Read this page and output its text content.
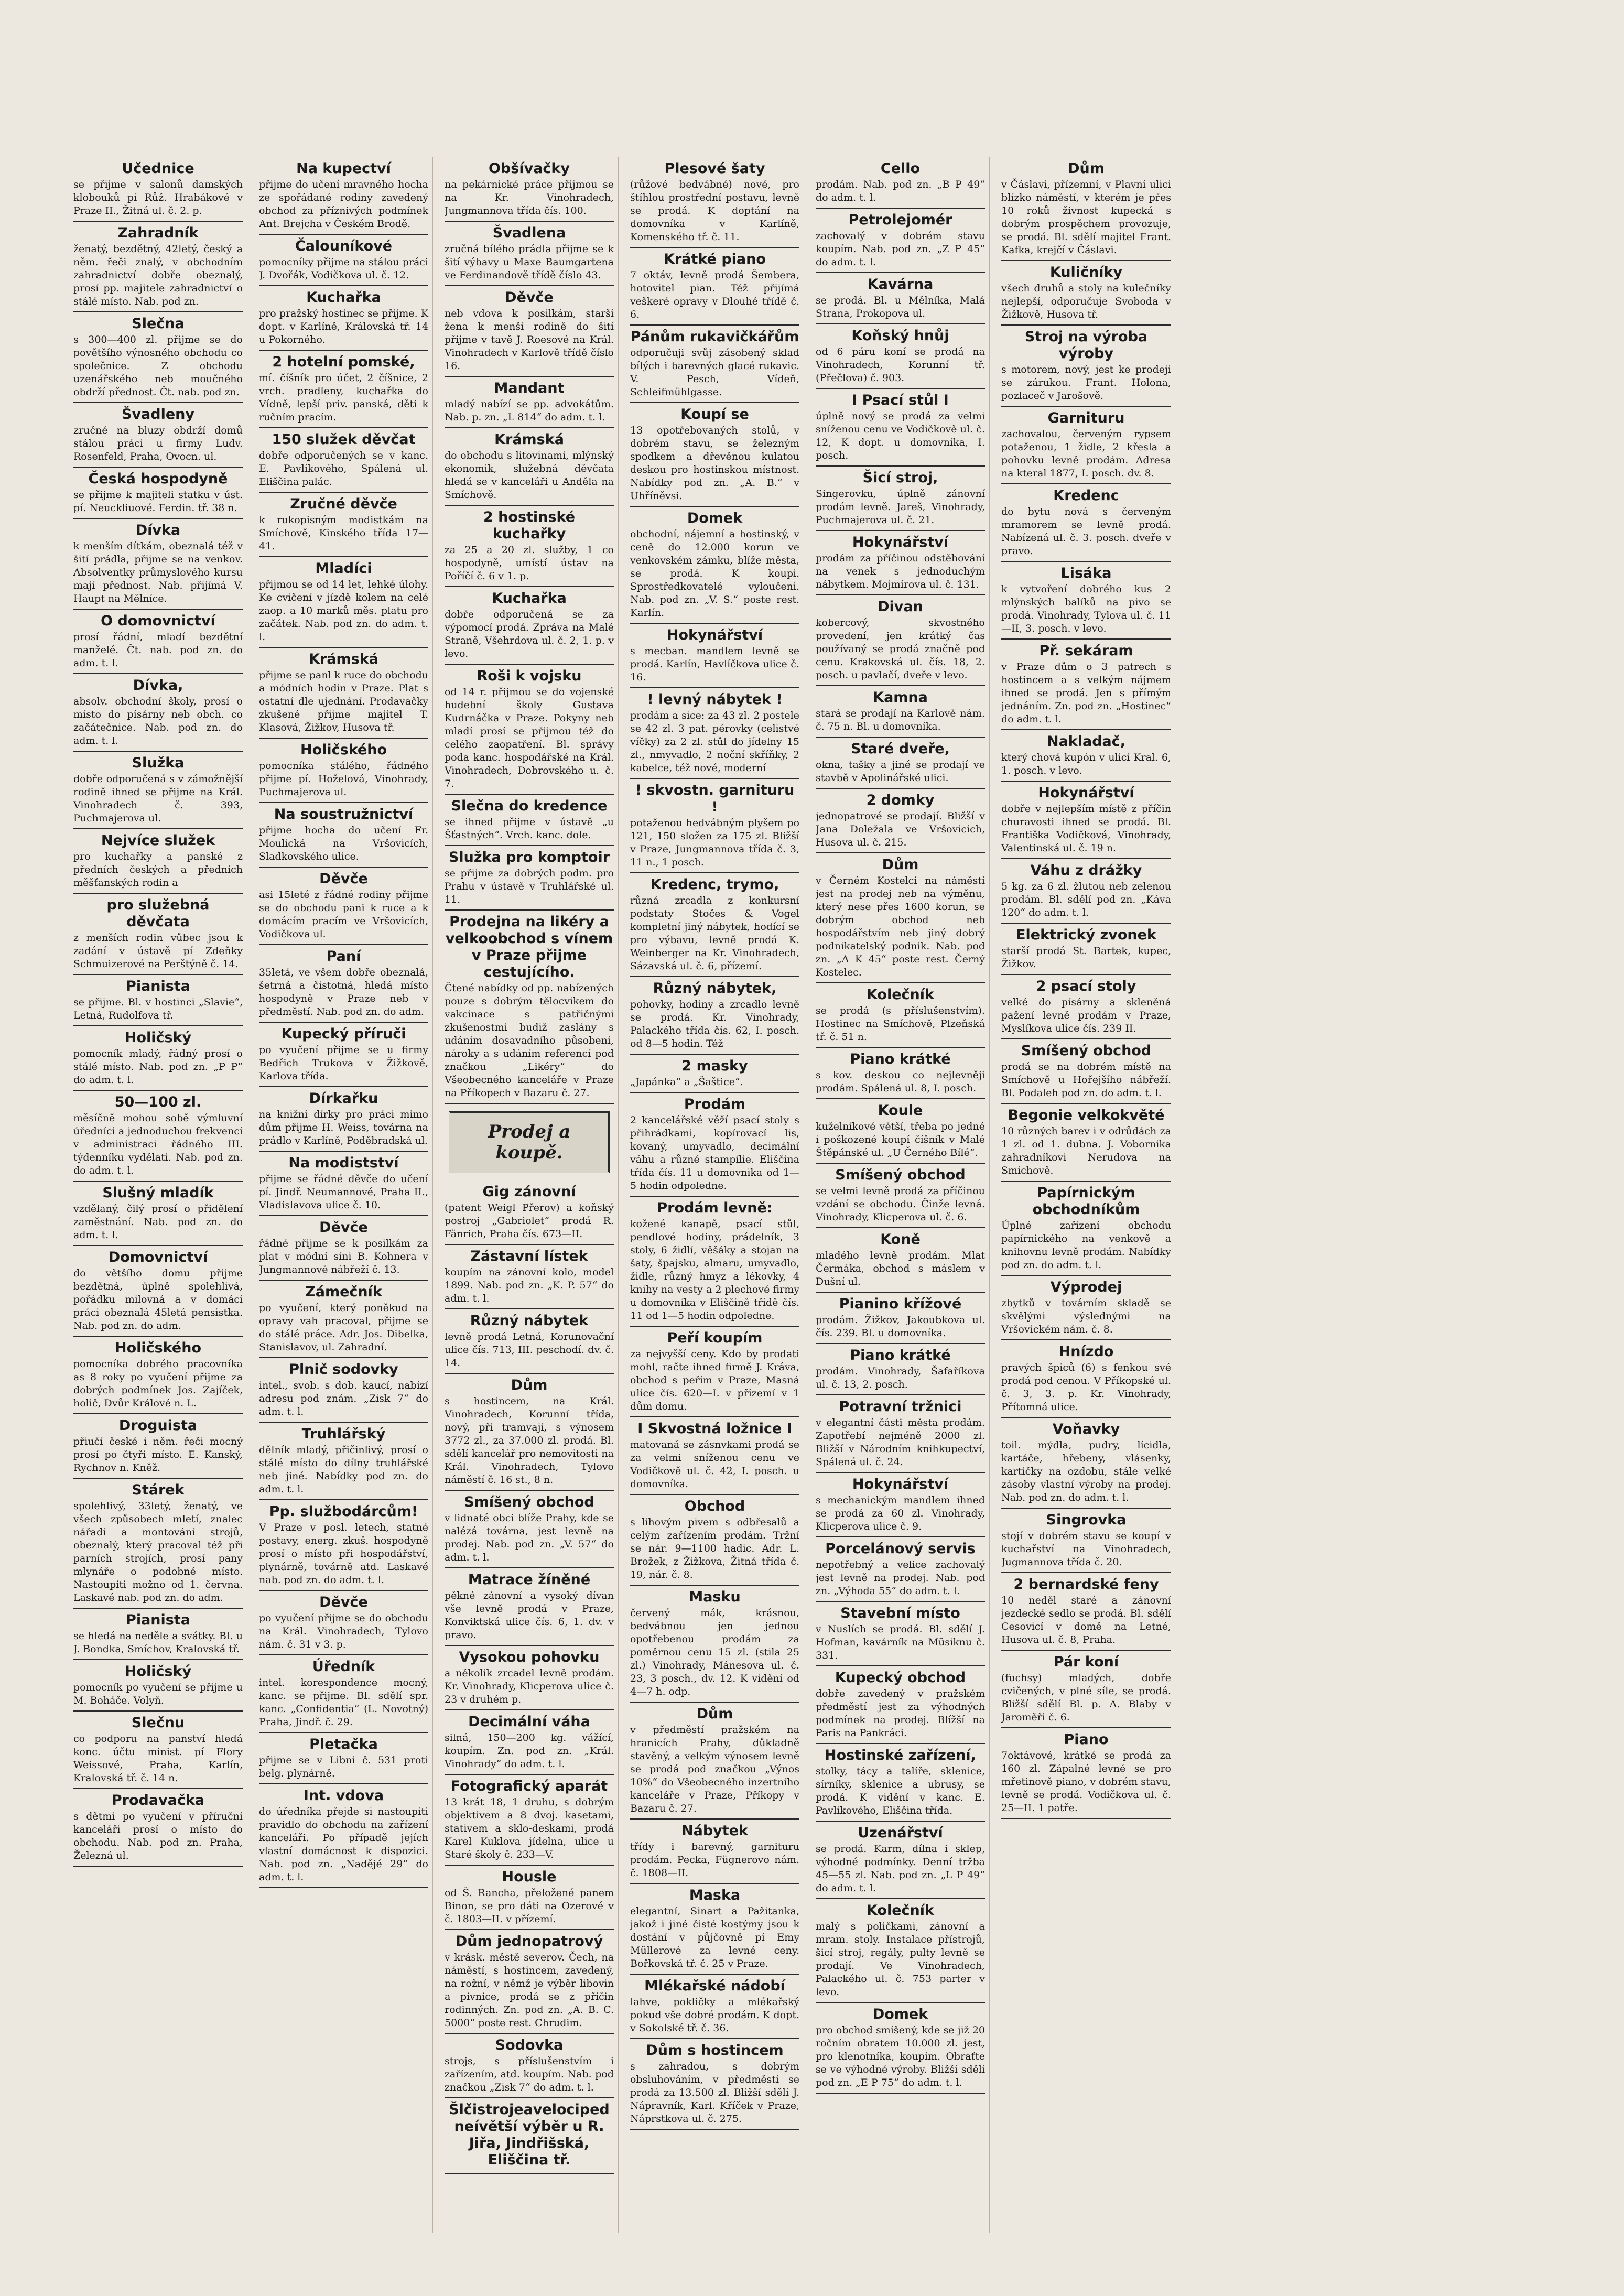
Učednice
se přijme v salonů damských klobouků pí Růž. Hrabákové v Praze II., Žitná ul. č. 2. p.
Zahradník
ženatý, bezdětný, 42letý, český a něm. řeči znalý, v obchodním zahradnictví dobře obeznalý, prosí pp. majitele zahradnictví o stálé místo. Nab. pod zn.
Slečna
s 300—400 zl. přijme se do povětšího výnosného obchodu co společnice. Z obchodu uzenářského neb moučného obdrží přednost. Čt. nab. pod zn.
Švadleny
zručné na bluzy obdrží domů stálou práci u firmy Ludv. Rosenfeld, Praha, Ovocn. ul.
Česká hospodyně
se přijme k majiteli statku v úst. pí. Neuckliuové. Ferdin. tř. 38 n.
Dívka
k menším dítkám, obeznalá též v šití prádla, přijme se na venkov. Absolventky průmyslového kursu mají přednost. Nab. přijímá V. Haupt na Mělníce.
O domovnictví
prosí řádní, mladí bezdětní manželé. Čt. nab. pod zn. do adm. t. l.
Dívka,
absolv. obchodní školy, prosí o místo do písárny neb obch. co začátečnice. Nab. pod zn. do adm. t. l.
Služka
dobře odporučená s v zámožnější rodině ihned se přijme na Král. Vinohradech č. 393, Puchmajerova ul.
Nejvíce služek
pro kuchařky a panské z předních českých a předních měšťanských rodin a
pro služebná děvčata
z menších rodin vůbec jsou k zadání v ústavě pí Zdeňky Schmuizerové na Perštýně č. 14.
Pianista
se přijme. Bl. v hostinci „Slavie“, Letná, Rudolfova tř.
Holičský
pomocník mladý, řádný prosí o stálé místo. Nab. pod zn. „P P“ do adm. t. l.
50—100 zl.
měsíčně mohou sobě výmluvní úředníci a jednoduchou frekvencí v administraci řádného III. týdenníku vydělati. Nab. pod zn. do adm. t. l.
Slušný mladík
vzdělaný, čilý prosí o přidělení zaměstnání. Nab. pod zn. do adm. t. l.
Domovnictví
do většího domu přijme bezdětná, úplně spolehlivá, pořádku milovná a v domácí práci obeznalá 45letá pensistka. Nab. pod zn. do adm.
Holičského
pomocníka dobrého pracovníka as 8 roky po vyučení přijme za dobrých podmínek Jos. Zajíček, holič, Dvůr Králové n. L.
Droguista
přiučí české i něm. řeči mocný prosí po čtyři místo. E. Kanský, Rychnov n. Kněž.
Stárek
spolehlivý, 33letý, ženatý, ve všech způsobech mletí, znalec nářadí a montování strojů, obeznalý, který pracoval též při parních strojích, prosí pany mlynáře o podobné místo. Nastoupiti možno od 1. června. Laskavé nab. pod zn. do adm.
Pianista
se hledá na neděle a svátky. Bl. u J. Bondka, Smíchov, Kralovská tř.
Holičský
pomocník po vyučení se přijme u M. Boháče. Volyň.
Slečnu
co podporu na panství hledá konc. účtu minist. pí Flory Weissové, Praha, Karlín, Kralovská tř. č. 14 n.
Prodavačka
s dětmi po vyučení v příruční kanceláři prosí o místo do obchodu. Nab. pod zn. Praha, Železná ul.
Na kupectví
přijme do učení mravného hocha ze spořádané rodiny zavedený obchod za příznivých podmínek Ant. Brejcha v Českém Brodě.
Čalouníkové
pomocníky přijme na stálou práci J. Dvořák, Vodičkova ul. č. 12.
Kuchařka
pro pražský hostinec se přijme. K dopt. v Karlíně, Královská tř. 14 u Pokorného.
2 hotelní pomské,
mí. číšník pro účet, 2 číšnice, 2 vrch. pradleny, kuchařka do Vídně, lepší priv. panská, děti k ručním pracím.
150 služek děvčat
dobře odporučených se v kanc. E. Pavlíkového, Spálená ul. Eliščina palác.
Zručné děvče
k rukopisným modistkám na Smíchově, Kinského třída 17—41.
Mladíci
přijmou se od 14 let, lehké úlohy. Ke cvičení v jízdě kolem na celé zaop. a 10 marků měs. platu pro začátek. Nab. pod zn. do adm. t. l.
Krámská
přijme se panl k ruce do obchodu a módních hodin v Praze. Plat s ostatní dle ujednání. Prodavačky zkušené přijme majitel T. Klasová, Žižkov, Husova tř.
Holičského
pomocníka stálého, řádného přijme pí. Hoželová, Vinohrady, Puchmajerova ul.
Na soustružnictví
přijme hocha do učení Fr. Moulická na Vršovicích, Sladkovského ulice.
Děvče
asi 15leté z řádné rodiny přijme se do obchodu pani k ruce a k domácím pracím ve Vršovicích, Vodičkova ul.
Paní
35letá, ve všem dobře obeznalá, šetrná a čistotná, hledá místo hospodyně v Praze neb v předměstí. Nab. pod zn. do adm.
Kupecký příruči
po vyučení přijme se u firmy Bedřich Trukova v Žižkově, Karlova třída.
Dírkařku
na knižní dírky pro práci mimo dům přijme H. Weiss, továrna na prádlo v Karlíně, Poděbradská ul.
Na modistství
přijme se řádné děvče do učení pí. Jindř. Neumannové, Praha II., Vladislavova ulice č. 10.
Děvče
řádné přijme se k posilkám za plat v módní síni B. Kohnera v Jungmannově nábřeží č. 13.
Zámečník
po vyučení, který poněkud na opravy vah pracoval, přijme se do stálé práce. Adr. Jos. Dibelka, Stanislavov, ul. Zahradní.
Plnič sodovky
intel., svob. s dob. kaucí, nabízí adresu pod znám. „Zisk 7“ do adm. t. l.
Truhlářský
dělník mladý, přičinlivý, prosí o stálé místo do dílny truhlářské neb jiné. Nabídky pod zn. do adm. t. l.
Pp. službodárcům!
V Praze v posl. letech, statné postavy, energ. zkuš. hospodyně prosí o místo při hospodářství, plynárně, továrně atd. Laskavé nab. pod zn. do adm. t. l.
Děvče
po vyučení přijme se do obchodu na Král. Vinohradech, Tylovo nám. č. 31 v 3. p.
Úředník
intel. korespondence mocný, kanc. se přijme. Bl. sdělí spr. kanc. „Confidentia“ (L. Novotný) Praha, Jindř. č. 29.
Pletačka
přijme se v Libni č. 531 proti belg. plynárně.
Int. vdova
do úředníka přejde si nastoupiti pravidlo do obchodu na zařízení kanceláři. Po případě jejích vlastní domácnost k dispozici. Nab. pod zn. „Nadějé 29“ do adm. t. l.
Obšívačky
na pekárnické práce přijmou se na Kr. Vinohradech, Jungmannova třída čís. 100.
Švadlena
zručná bílého prádla přijme se k šití výbavy u Maxe Baumgartena ve Ferdinandově třídě číslo 43.
Děvče
neb vdova k posilkám, starší žena k menší rodině do šití přijme v tavě J. Roesové na Král. Vinohradech v Karlově třídě číslo 16.
Mandant
mladý nabízí se pp. advokátům. Nab. p. zn. „L 814“ do adm. t. l.
Krámská
do obchodu s litovinami, mlýnský ekonomik, služebná děvčata hledá se v kanceláři u Anděla na Smíchově.
2 hostinské kuchařky
za 25 a 20 zl. služby, 1 co hospodyně, umístí ústav na Poříčí č. 6 v 1. p.
Kuchařka
dobře odporučená se za výpomocí prodá. Zpráva na Malé Straně, Všehrdova ul. č. 2, 1. p. v levo.
Roši k vojsku
od 14 r. přijmou se do vojenské hudební školy Gustava Kudrnáčka v Praze. Pokyny neb mladí prosí se přijmou též do celého zaopatření. Bl. správy poda kanc. hospodářské na Král. Vinohradech, Dobrovského u. č. 7.
Slečna do kredence
se ihned přijme v ústavě „u Šťastných“. Vrch. kanc. dole.
Služka pro komptoir
se přijme za dobrých podm. pro Prahu v ústavě v Truhlářské ul. 11.
Prodejna na likéry a velkoobchod s vínem v Praze přijme cestujícího.
Čtené nabídky od pp. nabízených pouze s dobrým tělocvikem do vakcinace s patřičnými zkušenostmi budiž zaslány s udáním dosavadního působení, nároky a s udáním referencí pod značkou „Likéry“ do Všeobecného kanceláře v Praze na Příkopech v Bazaru č. 27.
Prodej a koupě.
Gig zánovní
(patent Weigl Přerov) a koňský postroj „Gabriolet“ prodá R. Fänrich, Praha čís. 673—II.
Zástavní lístek
koupím na zánovní kolo, model 1899. Nab. pod zn. „K. P. 57“ do adm. t. l.
Různý nábytek
levně prodá Letná, Korunovační ulice čís. 713, III. peschodí. dv. č. 14.
Dům
s hostincem, na Král. Vinohradech, Korunní třída, nový, při tramvaji, s výnosem 3772 zl., za 37.000 zl. prodá. Bl. sdělí kancelář pro nemovitosti na Král. Vinohradech, Tylovo náměstí č. 16 st., 8 n.
Smíšený obchod
v lidnaté obci blíže Prahy, kde se nalézá továrna, jest levně na prodej. Nab. pod zn. „V. 57“ do adm. t. l.
Matrace žíněné
pěkné zánovní a vysoký dívan vše levně prodá v Praze, Konviktská ulice čís. 6, 1. dv. v pravo.
Vysokou pohovku
a několik zrcadel levně prodám. Kr. Vinohrady, Klicperova ulice č. 23 v druhém p.
Decimální váha
silná, 150—200 kg. vážící, koupím. Zn. pod zn. „Král. Vinohrady“ do adm. t. l.
Fotografický aparát
13 krát 18, 1 druhu, s dobrým objektivem a 8 dvoj. kasetami, stativem a sklo-deskami, prodá Karel Kuklova jídelna, ulice u Staré školy č. 233—V.
Housle
od Š. Rancha, přeložené panem Binon, se pro dáti na Ozerové v č. 1803—II. v přízemí.
Dům jednopatrový
v krásk. městě severov. Čech, na náměstí, s hostincem, zavedený, na rožní, v němž je výběr libovin a pivnice, prodá se z příčin rodinných. Zn. pod zn. „A. B. C. 5000“ poste rest. Chrudim.
Sodovka
strojs, s příslušenstvím i zařízením, atd. koupím. Nab. pod značkou „Zisk 7“ do adm. t. l.
Šlčistrojeavelociped neívětší výběr u R. Jiřa, Jindřišská, Eliščina tř.
Plesové šaty
(růžové bedvábné) nové, pro štíhlou prostřední postavu, levně se prodá. K doptání na domovníka v Karlíně, Komenského tř. č. 11.
Krátké piano
7 oktáv, levně prodá Šembera, hotovitel pian. Též přijímá veškeré opravy v Dlouhé třídě č. 6.
Pánům rukavičkářům
odporučuji svůj zásobený sklad bílých i barevných glacé rukavic. V. Pesch, Vídeň, Schleifmühlgasse.
Koupí se
13 opotřebovaných stolů, v dobrém stavu, se železným spodkem a dřevěnou kulatou deskou pro hostinskou místnost. Nabídky pod zn. „A. B.“ v Uhříněvsi.
Domek
obchodní, nájemní a hostinský, v ceně do 12.000 korun ve venkovském zámku, blíže města, se prodá. K koupi. Sprostředkovatelé vyloučeni. Nab. pod zn. „V. S.“ poste rest. Karlín.
Hokynářství
s mecban. mandlem levně se prodá. Karlín, Havlíčkova ulice č. 16.
! levný nábytek !
prodám a sice: za 43 zl. 2 postele se 42 zl. 3 pat. pérovky (celistvé víčky) za 2 zl. stůl do jídelny 15 zl., nmyvadlo, 2 noční skříňky, 2 kabelce, též nové, moderní
! skvostn. garnituru !
potaženou hedvábným plyšem po 121, 150 složen za 175 zl. Bližší v Praze, Jungmannova třída č. 3, 11 n., 1 posch.
Kredenc, trymo,
různá zrcadla z konkursní podstaty Stočes & Vogel kompletní jiný nábytek, hodící se pro výbavu, levně prodá K. Weinberger na Kr. Vinohradech, Sázavská ul. č. 6, přízemí.
Různý nábytek,
pohovky, hodiny a zrcadlo levně se prodá. Kr. Vinohrady, Palackého třída čís. 62, I. posch. od 8—5 hodin. Též
2 masky
„Japánka“ a „Šaštice“.
Prodám
2 kancelářské věží psací stoly s přihrádkami, kopírovací lis, kovaný, umyvadlo, decimální váhu a různé stampílie. Eliščina třída čís. 11 u domovnika od 1—5 hodin odpoledne.
Prodám levně:
kožené kanapě, psací stůl, pendlové hodiny, prádelník, 3 stoly, 6 židlí, věšáky a stojan na šaty, špajsku, almaru, umyvadlo, židle, různý hmyz a lékovky, 4 knihy na vesty a 2 plechové firmy u domovníka v Eliščině třídě čís. 11 od 1—5 hodin odpoledne.
Peří koupím
za nejvyšší ceny. Kdo by prodati mohl, račte ihned firmě J. Kráva, obchod s peřím v Praze, Masná ulice čís. 620—I. v přízemí v 1 dům domu.
I Skvostná ložnice I
matovaná se zásnvkami prodá se za velmi sníženou cenu ve Vodičkově ul. č. 42, I. posch. u domovníka.
Obchod
s lihovým pivem s odbřesalů a celým zařízením prodám. Tržní se nár. 9—1100 hadic. Adr. L. Brožek, z Žižkova, Žitná třída č. 19, nár. č. 8.
Masku
červený mák, krásnou, bedvábnou jen jednou opotřebenou prodám za poměrnou cenu 15 zl. (stila 25 zl.) Vinohrady, Mánesova ul. č. 23, 3 posch., dv. 12. K vidění od 4—7 h. odp.
Dům
v předměstí pražském na hranicích Prahy, důkladně stavěný, a velkým výnosem levně se prodá pod značkou „Výnos 10%“ do Všeobecného inzertního kanceláře v Praze, Příkopy v Bazaru č. 27.
Nábytek
třídy i barevný, garnituru prodám. Pecka, Fügnerovo nám. č. 1808—II.
Maska
elegantní, Sinart a Pažitanka, jakož i jiné čisté kostýmy jsou k dostání v půjčovně pí Emy Müllerové za levné ceny. Bořkovská tř. č. 25 v Praze.
Mlékařské nádobí
lahve, pokličky a mlékařský pokud vše dobré prodám. K dopt. v Sokolské tř. č. 36.
Dům s hostincem
s zahradou, s dobrým obsluhováním, v předměstí se prodá za 13.500 zl. Bližší sdělí J. Nápravník, Karl. Kříček v Praze, Náprstkova ul. č. 275.
Cello
prodám. Nab. pod zn. „B P 49“ do adm. t. l.
Petrolejomér
zachovalý v dobrém stavu koupím. Nab. pod zn. „Z P 45“ do adm. t. l.
Kavárna
se prodá. Bl. u Mělníka, Malá Strana, Prokopova ul.
Koňský hnůj
od 6 páru koní se prodá na Vinohradech, Korunní tř. (Přečlova) č. 903.
I Psací stůl I
úplně nový se prodá za velmi sníženou cenu ve Vodičkově ul. č. 12, K dopt. u domovníka, I. posch.
Šicí stroj,
Singerovku, úplně zánovní prodám levně. Jareš, Vinohrady, Puchmajerova ul. č. 21.
Hokynářství
prodám za příčinou odstěhování na venek s jednoduchým nábytkem. Mojmírova ul. č. 131.
Divan
kobercový, skvostného provedení, jen krátký čas používaný se prodá značně pod cenu. Krakovská ul. čís. 18, 2. posch. u pavlačí, dveře v levo.
Kamna
stará se prodají na Karlově nám. č. 75 n. Bl. u domovníka.
Staré dveře,
okna, tašky a jiné se prodají ve stavbě v Apolinářské ulici.
2 domky
jednopatrové se prodají. Bližší v Jana Doležala ve Vršovicích, Husova ul. č. 215.
Dům
v Černém Kostelci na náměstí jest na prodej neb na výměnu, který nese přes 1600 korun, se dobrým obchod neb hospodářstvím neb jiný dobrý podnikatelský podnik. Nab. pod zn. „A K 45“ poste rest. Černý Kostelec.
Kolečník
se prodá (s příslušenstvím). Hostinec na Smíchově, Plzeňská tř. č. 51 n.
Piano krátké
s kov. deskou co nejlevněji prodám. Spálená ul. 8, I. posch.
Koule
kuželníkové větší, třeba po jedné i poškozené koupí číšník v Malé Štěpánské ul. „U Černého Bílé“.
Smíšený obchod
se velmi levně prodá za příčinou vzdání se obchodu. Činže levná. Vinohrady, Klicperova ul. č. 6.
Koně
mladého levně prodám. Mlat Čermáka, obchod s máslem v Dušní ul.
Pianino křížové
prodám. Žižkov, Jakoubkova ul. čís. 239. Bl. u domovníka.
Piano krátké
prodám. Vinohrady, Šafaříkova ul. č. 13, 2. posch.
Potravní tržnici
v elegantní části města prodám. Zapotřebí nejméně 2000 zl. Bližší v Národním knihkupectví, Spálená ul. č. 24.
Hokynářství
s mechanickým mandlem ihned se prodá za 60 zl. Vinohrady, Klicperova ulice č. 9.
Porcelánový servis
nepotřebný a velice zachovalý jest levně na prodej. Nab. pod zn. „Výhoda 55“ do adm. t. l.
Stavební místo
v Nuslích se prodá. Bl. sdělí J. Hofman, kavárník na Müsiknu č. 331.
Kupecký obchod
dobře zavedený v pražském předměstí jest za výhodných podmínek na prodej. Blížší na Paris na Pankráci.
Hostinské zařízení,
stolky, tácy a talíře, sklenice, sírníky, sklenice a ubrusy, se prodá. K vidění v kanc. E. Pavlíkového, Eliščina třída.
Uzenářství
se prodá. Karm, dílna i sklep, výhodné podmínky. Denní tržba 45—55 zl. Nab. pod zn. „L P 49“ do adm. t. l.
Kolečník
malý s poličkami, zánovní a mram. stoly. Instalace přístrojů, šicí stroj, regály, pulty levně se prodají. Ve Vinohradech, Palackého ul. č. 753 parter v levo.
Domek
pro obchod smíšený, kde se již 20 ročním obratem 10.000 zl. jest, pro klenotníka, koupím. Obraťte se ve výhodné výroby. Bližší sdělí pod zn. „E P 75“ do adm. t. l.
Dům
v Čáslavi, přízemní, v Plavní ulici blízko náměstí, v kterém je přes 10 roků živnost kupecká s dobrým prospěchem provozuje, se prodá. Bl. sdělí majitel Frant. Kafka, krejčí v Čáslavi.
Kuličníky
všech druhů a stoly na kulečníky nejlepší, odporučuje Svoboda v Žižkově, Husova tř.
Stroj na výroba výroby
s motorem, nový, jest ke prodeji se zárukou. Frant. Holona, pozlaceč v Jarošově.
Garnituru
zachovalou, červeným rypsem potaženou, 1 židle, 2 křesla a pohovku levně prodám. Adresa na kteral 1877, I. posch. dv. 8.
Kredenc
do bytu nová s červeným mramorem se levně prodá. Nabízená ul. č. 3. posch. dveře v pravo.
Lisáka
k vytvoření dobrého kus 2 mlýnských balíků na pivo se prodá. Vinohrady, Tylova ul. č. 11—II, 3. posch. v levo.
Př. sekáram
v Praze dům o 3 patrech s hostincem a s velkým nájmem ihned se prodá. Jen s přímým jednáním. Zn. pod zn. „Hostinec“ do adm. t. l.
Nakladač,
který chová kupón v ulici Kral. 6, 1. posch. v levo.
Hokynářství
dobře v nejlepším místě z příčin churavosti ihned se prodá. Bl. Františka Vodičková, Vinohrady, Valentinská ul. č. 19 n.
Váhu z drážky
5 kg. za 6 zl. žlutou neb zelenou prodám. Bl. sdělí pod zn. „Káva 120“ do adm. t. l.
Elektrický zvonek
starší prodá St. Bartek, kupec, Žižkov.
2 psací stoly
velké do písárny a skleněná pažení levně prodám v Praze, Myslíkova ulice čís. 239 II.
Smíšený obchod
prodá se na dobrém místě na Smíchově u Hořejšího nábřeží. Bl. Podaleh pod zn. do adm. t. l.
Begonie velkokvěté
10 různých barev i v odrůdách za 1 zl. od 1. dubna. J. Vobornika zahradníkovi Nerudova na Smíchově.
Papírnickým obchodníkům
Úplné zařízení obchodu papírnického na venkově a knihovnu levně prodám. Nabídky pod zn. do adm. t. l.
Výprodej
zbytků v továrním skladě se skvělými výslednými na Vršovickém nám. č. 8.
Hnízdo
pravých špiců (6) s fenkou své prodá pod cenou. V Příkopské ul. č. 3, 3. p. Kr. Vinohrady, Přítomná ulice.
Voňavky
toil. mýdla, pudry, lícidla, kartáče, hřebeny, vlásenky, kartičky na ozdobu, stále velké zásoby vlastní výroby na prodej. Nab. pod zn. do adm. t. l.
Singrovka
stojí v dobrém stavu se koupí v kuchařství na Vinohradech, Jugmannova třída č. 20.
2 bernardské feny
10 neděl staré a zánovní jezdecké sedlo se prodá. Bl. sdělí Cesovicí v domě na Letné, Husova ul. č. 8, Praha.
Pár koní
(fuchsy) mladých, dobře cvičených, v plné síle, se prodá. Bližší sdělí Bl. p. A. Blaby v Jaroměři č. 6.
Piano
7oktávové, krátké se prodá za 160 zl. Zápalné levné se pro mřetinově piano, v dobrém stavu, levně se prodá. Vodičkova ul. č. 25—II. 1 patře.
